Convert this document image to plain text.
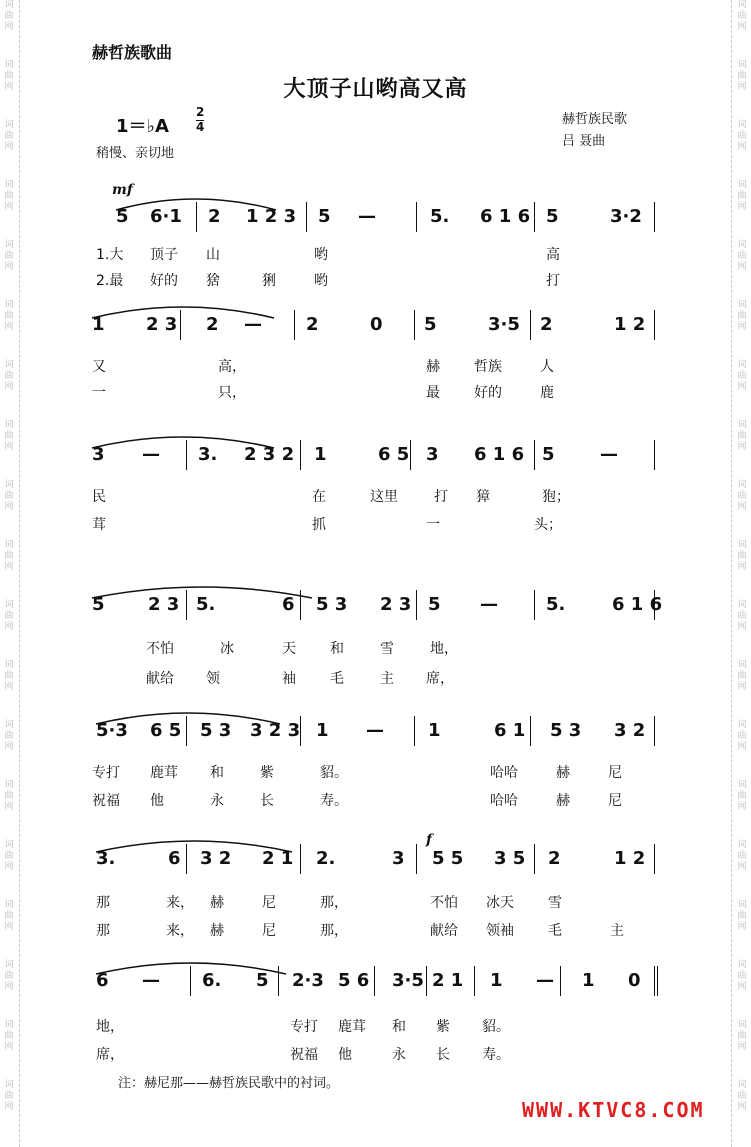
词
曲
网
词
曲
网
词
曲
网
词
曲
网
词
曲
网
词
曲
网
词
曲
网
词
曲
网
词
曲
网
词
曲
网
词
曲
网
词
曲
网
词
曲
网
词
曲
网
词
曲
网
词
曲
网
词
曲
网
词
曲
网
词
曲
网
词
曲
网
词
曲
网
词
曲
网
词
曲
网
词
曲
网
词
曲
网
词
曲
网
词
曲
网
词
曲
网
词
曲
网
词
曲
网
词
曲
网
词
曲
网
词
曲
网
词
曲
网
词
曲
网
词
曲
网
词
曲
网
词
曲
网
赫哲族歌曲
大顶子山哟高又高
1＝♭A $\frac{2}{4}$
稍慢、亲切地
赫哲族民歌
吕 聂曲
mf
f
5 6·1 2 1 2 3 5 —	5. 6 1 6 5	3·2
1.大 顶子 山	哟	高
2.最 好的 猞	猁	哟	打
1 2 3 2 — 2	0 5	3·5 2	1 2
又	高，	赫 哲族	人
一	只，	最 好的	鹿
3 — 3. 2 3 2 1	6 5 3 6 1 6 5	—
民	在	这里	打 獐	狍；
茸	抓	一	头；
5 2 3 5.	6 5 3 2 3 5 —	5.	6 1 6
不怕	冰	天 和	雪	地，
献给 领	袖 毛	主 席，
5·3 6 5 5 3 3 2 3 1 — 1	6 1 5 3 3 2
专打 鹿茸 和	紫	貂。	哈哈	赫	尼
祝福 他	永	长	寿。	哈哈	赫	尼
3.	6 3 2 2 1 2.	3 5 5 3 5 2	1 2
那	来， 赫	尼	那，	不怕 冰天 雪
那	来， 赫	尼	那，	献给 领袖 毛	主
6 — 6. 5 2·3 5 6 3·5 2 1 1 — 1 0
地，	专打 鹿茸 和 紫 貂。
席，	祝福 他	永 长 寿。
注：赫尼那——赫哲族民歌中的衬词。
WWW.KTVC8.COM
